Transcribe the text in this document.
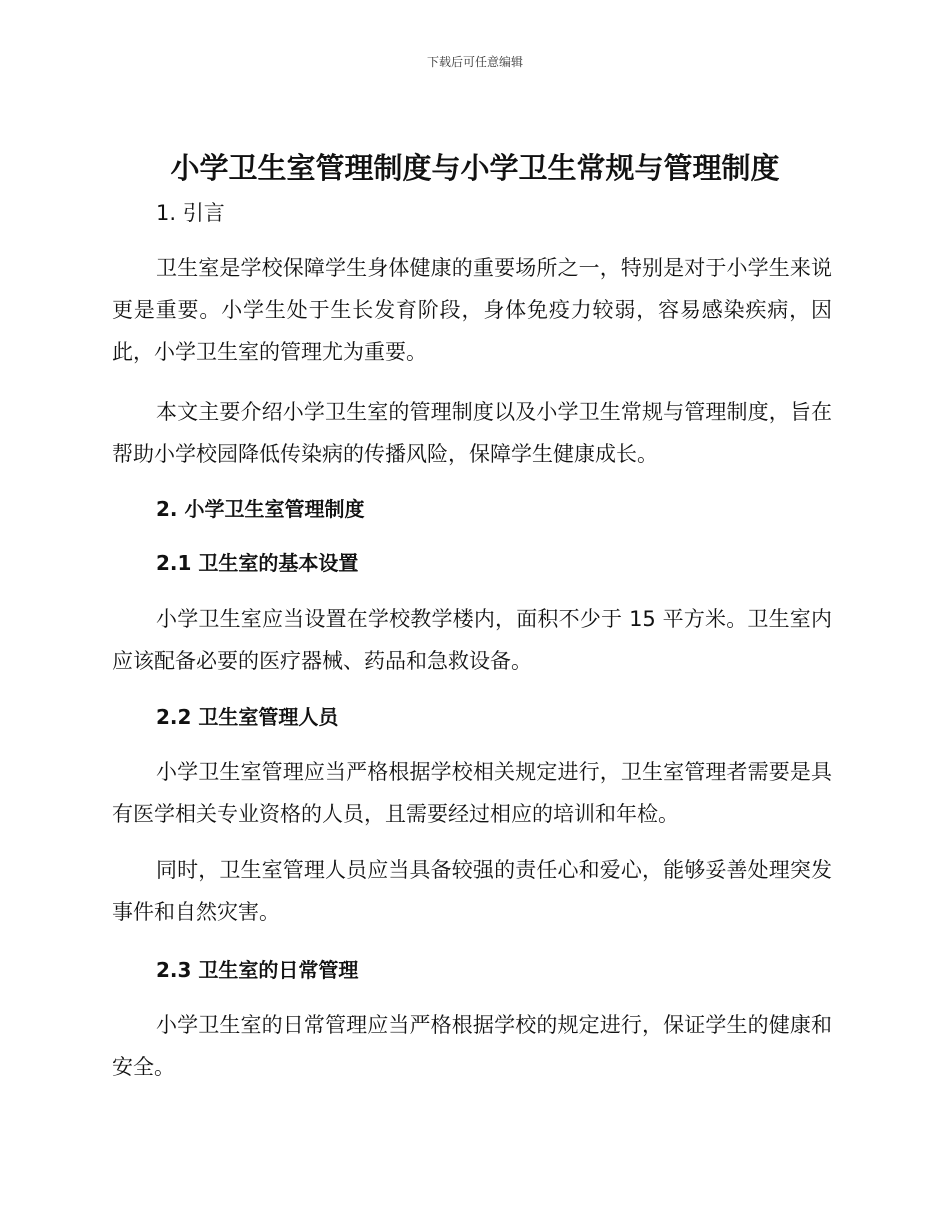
下载后可任意编辑
小学卫生室管理制度与小学卫生常规与管理制度
1. 引言

卫生室是学校保障学生身体健康的重要场所之一，特别是对于小学生来说更是重要。小学生处于生长发育阶段，身体免疫力较弱，容易感染疾病，因此，小学卫生室的管理尤为重要。

本文主要介绍小学卫生室的管理制度以及小学卫生常规与管理制度，旨在帮助小学校园降低传染病的传播风险，保障学生健康成长。

2. 小学卫生室管理制度
2.1 卫生室的基本设置

小学卫生室应当设置在学校教学楼内，面积不少于 15 平方米。卫生室内应该配备必要的医疗器械、药品和急救设备。

2.2 卫生室管理人员

小学卫生室管理应当严格根据学校相关规定进行，卫生室管理者需要是具有医学相关专业资格的人员，且需要经过相应的培训和年检。

同时，卫生室管理人员应当具备较强的责任心和爱心，能够妥善处理突发事件和自然灾害。

2.3 卫生室的日常管理

小学卫生室的日常管理应当严格根据学校的规定进行，保证学生的健康和安全。
